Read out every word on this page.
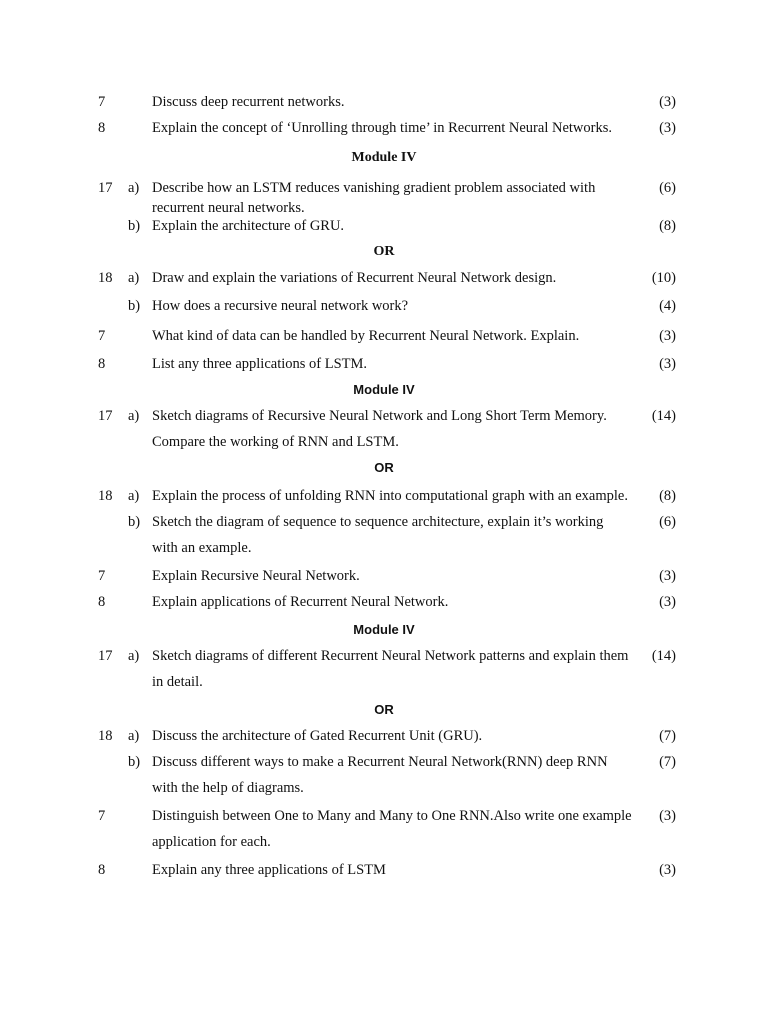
7	Discuss deep recurrent networks.	(3)
8	Explain the concept of ‘Unrolling through time’ in Recurrent Neural Networks.	(3)
Module IV
17 a) Describe how an LSTM reduces vanishing gradient problem associated with	(6)
recurrent neural networks.
b) Explain the architecture of GRU.	(8)
OR
18 a) Draw and explain the variations of Recurrent Neural Network design.	(10)
b) How does a recursive neural network work?	(4)
7	What kind of data can be handled by Recurrent Neural Network. Explain.	(3)
8	List any three applications of LSTM.	(3)
Module IV
17 a) Sketch diagrams of Recursive Neural Network and Long Short Term Memory.	(14)
Compare the working of RNN and LSTM.
OR
18 a) Explain the process of unfolding RNN into computational graph with an example.	(8)
b) Sketch the diagram of sequence to sequence architecture, explain it’s working	(6)
with an example.
7	Explain Recursive Neural Network.	(3)
8	Explain applications of Recurrent Neural Network.	(3)
Module IV
17 a) Sketch diagrams of different Recurrent Neural Network patterns and explain them	(14)
in detail.
OR
18 a) Discuss the architecture of Gated Recurrent Unit (GRU).	(7)
b) Discuss different ways to make a Recurrent Neural Network(RNN) deep RNN	(7)
with the help of diagrams.
7	Distinguish between One to Many and Many to One RNN.Also write one example	(3)
application for each.
8	Explain any three applications of LSTM	(3)
